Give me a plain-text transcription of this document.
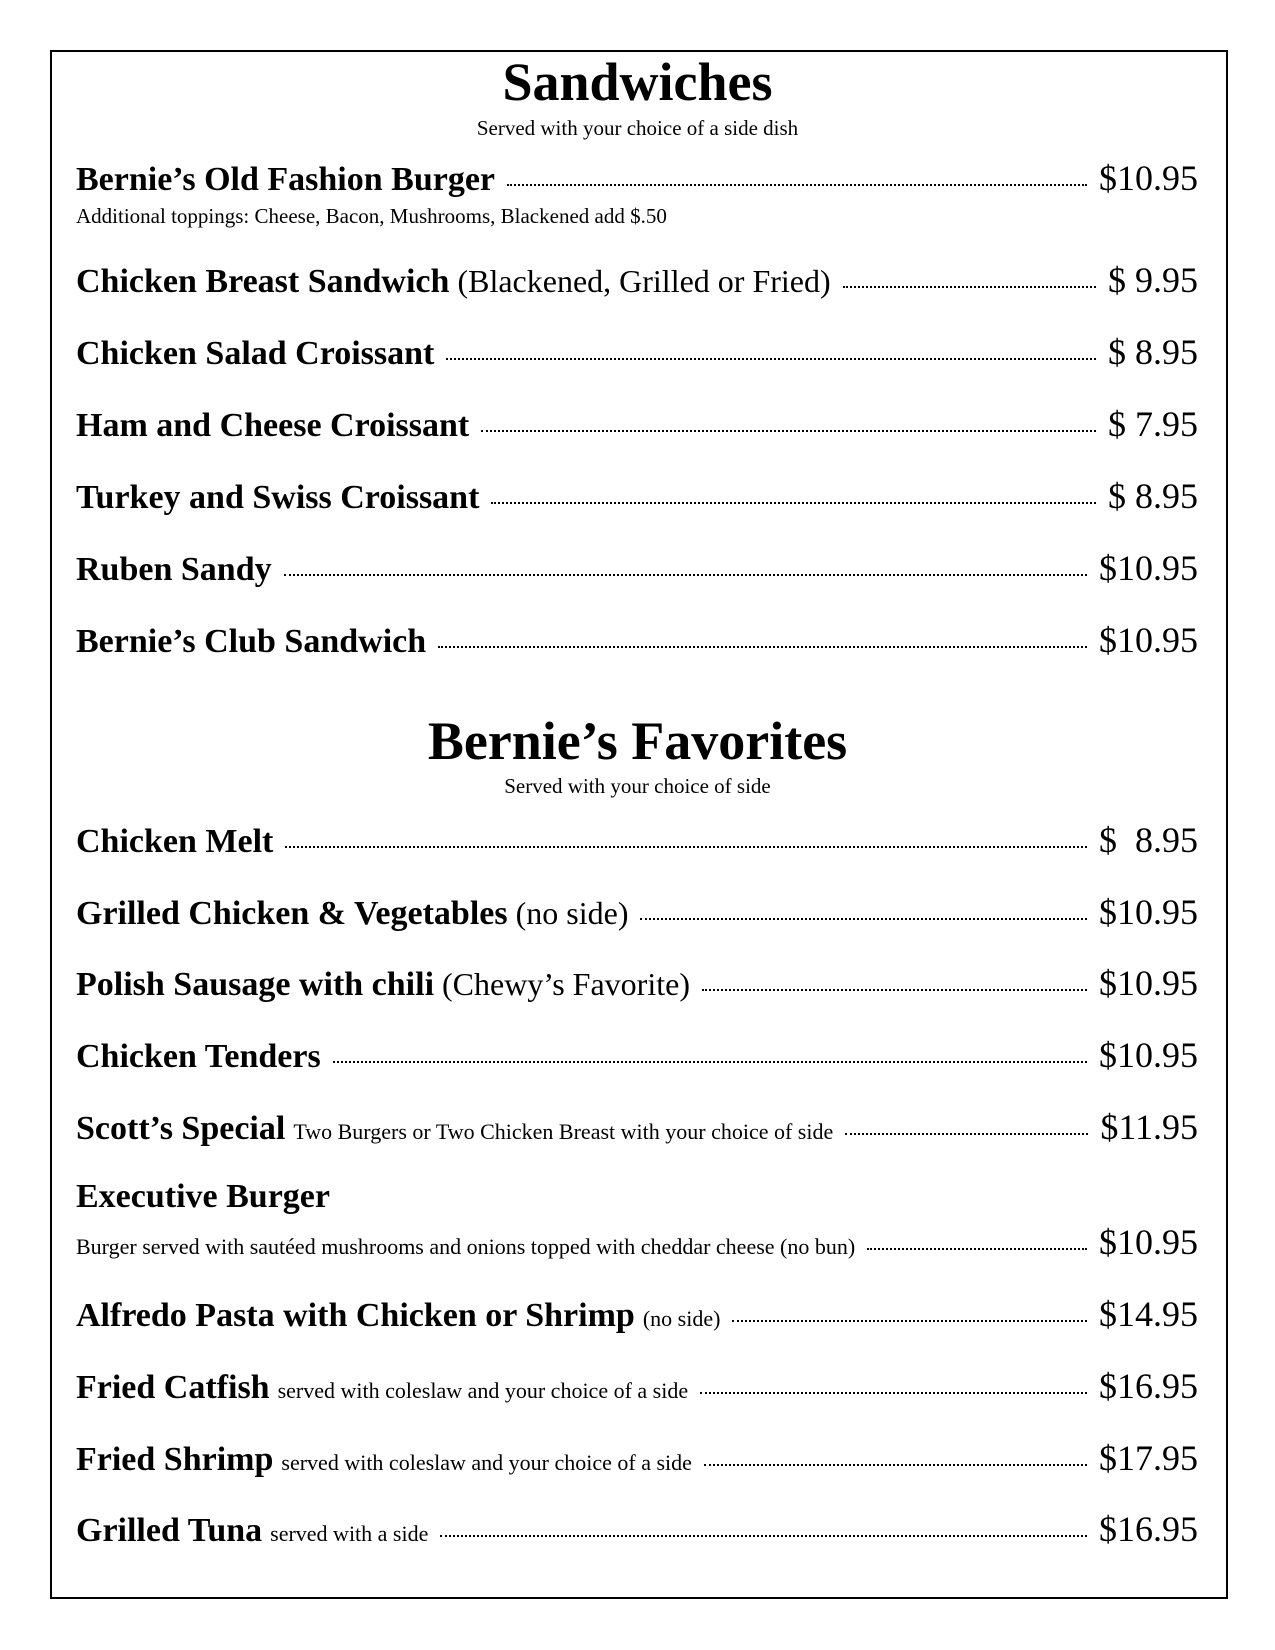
Sandwiches
Served with your choice of a side dish
Bernie’s Old Fashion Burger	$10.95
Additional toppings: Cheese, Bacon, Mushrooms, Blackened add $.50
Chicken Breast Sandwich (Blackened, Grilled or Fried)	$ 9.95
Chicken Salad Croissant	$ 8.95
Ham and Cheese Croissant	$ 7.95
Turkey and Swiss Croissant	$ 8.95
Ruben Sandy	$10.95
Bernie’s Club Sandwich	$10.95
Bernie’s Favorites
Served with your choice of side
Chicken Melt	$  8.95
Grilled Chicken & Vegetables (no side)	$10.95
Polish Sausage with chili (Chewy’s Favorite)	$10.95
Chicken Tenders	$10.95
Scott’s Special Two Burgers or Two Chicken Breast with your choice of side	$11.95
Executive Burger
Burger served with sautéed mushrooms and onions topped with cheddar cheese (no bun)	$10.95
Alfredo Pasta with Chicken or Shrimp (no side)	$14.95
Fried Catfish served with coleslaw and your choice of a side	$16.95
Fried Shrimp served with coleslaw and your choice of a side	$17.95
Grilled Tuna served with a side	$16.95
